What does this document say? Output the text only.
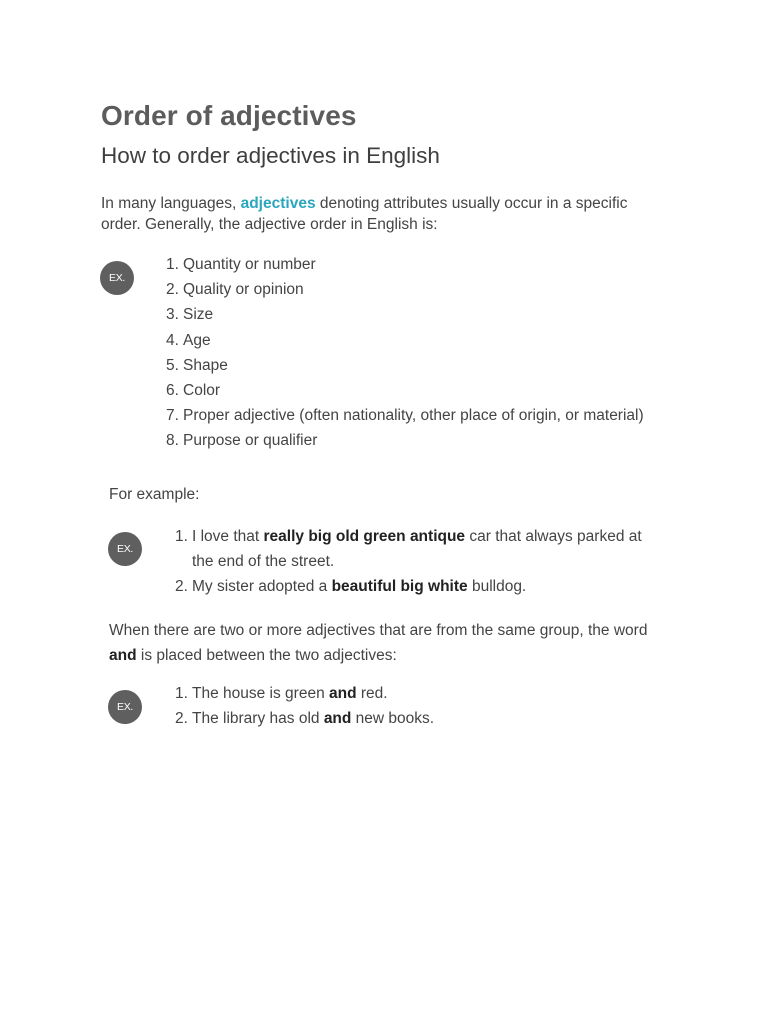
Order of adjectives
How to order adjectives in English

In many languages, adjectives denoting attributes usually occur in a specific order. Generally, the adjective order in English is:

EX.
1. Quantity or number
2. Quality or opinion
3. Size
4. Age
5. Shape
6. Color
7. Proper adjective (often nationality, other place of origin, or material)
8. Purpose or qualifier

For example:

EX.
1. I love that really big old green antique car that always parked at the end of the street.
2. My sister adopted a beautiful big white bulldog.

When there are two or more adjectives that are from the same group, the word and is placed between the two adjectives:

EX.
1. The house is green and red.
2. The library has old and new books.
